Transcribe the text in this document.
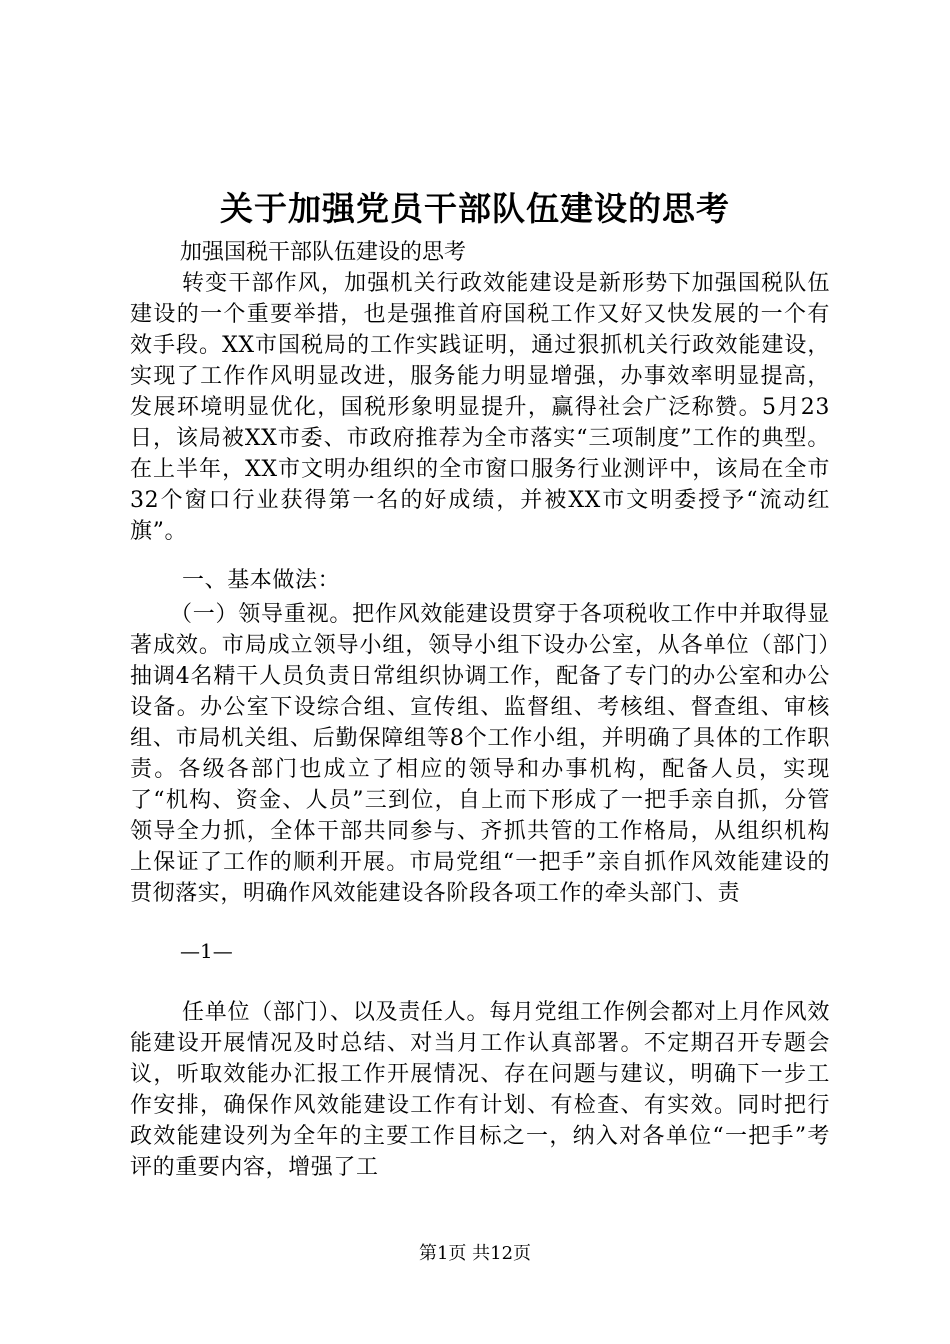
关于加强党员干部队伍建设的思考
加强国税干部队伍建设的思考

转变干部作风，加强机关行政效能建设是新形势下加强国税队伍建设的一个重要举措，也是强推首府国税工作又好又快发展的一个有效手段。XX市国税局的工作实践证明，通过狠抓机关行政效能建设，实现了工作作风明显改进，服务能力明显增强，办事效率明显提高，发展环境明显优化，国税形象明显提升，赢得社会广泛称赞。5月23日，该局被XX市委、市政府推荐为全市落实“三项制度”工作的典型。在上半年，XX市文明办组织的全市窗口服务行业测评中，该局在全市32个窗口行业获得第一名的好成绩，并被XX市文明委授予“流动红旗”。

一、基本做法：

（一）领导重视。把作风效能建设贯穿于各项税收工作中并取得显著成效。市局成立领导小组，领导小组下设办公室，从各单位（部门）抽调4名精干人员负责日常组织协调工作，配备了专门的办公室和办公设备。办公室下设综合组、宣传组、监督组、考核组、督查组、审核组、市局机关组、后勤保障组等8个工作小组，并明确了具体的工作职责。各级各部门也成立了相应的领导和办事机构，配备人员，实现了“机构、资金、人员”三到位，自上而下形成了一把手亲自抓，分管领导全力抓，全体干部共同参与、齐抓共管的工作格局，从组织机构上保证了工作的顺利开展。市局党组“一把手”亲自抓作风效能建设的贯彻落实，明确作风效能建设各阶段各项工作的牵头部门、责

—1—

任单位（部门）、以及责任人。每月党组工作例会都对上月作风效能建设开展情况及时总结、对当月工作认真部署。不定期召开专题会议，听取效能办汇报工作开展情况、存在问题与建议，明确下一步工作安排，确保作风效能建设工作有计划、有检查、有实效。同时把行政效能建设列为全年的主要工作目标之一，纳入对各单位“一把手”考评的重要内容，增强了工

第1页 共12页
